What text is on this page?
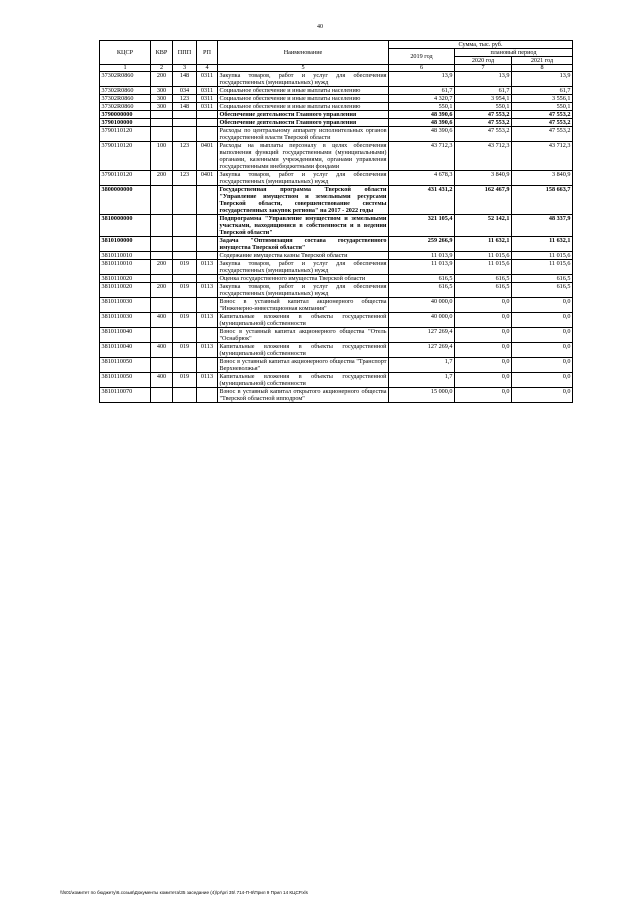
40
КЦСР	КВР	ППП	РП	Наименование	Сумма, тыс. руб.		
					2019 год	плановый период	
						2020 год	2021 год
1	2	3	4	5	6	7	8
37302R0860	200	148	0311	Закупка товаров, работ и услуг для обеспечения государственных (муниципальных) нужд	13,9	13,9	13,9
37302R0860	300	034	0311	Социальное обеспечение и иные выплаты населению	61,7	61,7	61,7
37302R0860	300	123	0311	Социальное обеспечение и иные выплаты населению	4 320,7	3 954,1	3 556,1
37302R0860	300	148	0311	Социальное обеспечение и иные выплаты населению	550,1	550,1	550,1
3790000000				Обеспечение деятельности Главного управления	48 390,6	47 553,2	47 553,2
3790100000				Обеспечение деятельности Главного управления	48 390,6	47 553,2	47 553,2
3790110120				Расходы по центральному аппарату исполнительных органов государственной власти Тверской области	48 390,6	47 553,2	47 553,2
3790110120	100	123	0401	Расходы на выплаты персоналу в целях обеспечения выполнения функций государственными (муниципальными) органами, казенными учреждениями, органами управления государственными внебюджетными фондами	43 712,3	43 712,3	43 712,3
3790110120	200	123	0401	Закупка товаров, работ и услуг для обеспечения государственных (муниципальных) нужд	4 678,3	3 840,9	3 840,9
3800000000				Государственная программа Тверской области "Управление имуществом и земельными ресурсами Тверской области, совершенствование системы государственных закупок региона" на 2017 - 2022 годы	431 431,2	162 467,9	158 663,7
3810000000				Подпрограмма "Управление имуществом и земельными участками, находящимися в собственности и в ведении Тверской области"	321 105,4	52 142,1	48 337,9
3810100000				Задача "Оптимизация состава государственного имущества Тверской области"	259 266,9	11 632,1	11 632,1
3810110010				Содержание имущества казны Тверской области	11 013,9	11 015,6	11 015,6
3810110010	200	019	0113	Закупка товаров, работ и услуг для обеспечения государственных (муниципальных) нужд	11 013,9	11 015,6	11 015,6
3810110020				Оценка государственного имущества Тверской области	616,5	616,5	616,5
3810110020	200	019	0113	Закупка товаров, работ и услуг для обеспечения государственных (муниципальных) нужд	616,5	616,5	616,5
3810110030				Взнос в уставный капитал акционерного общества "Инженерно-инвестиционная компания"	40 000,0	0,0	0,0
3810110030	400	019	0113	Капитальные вложения в объекты государственной (муниципальной) собственности	40 000,0	0,0	0,0
3810110040				Взнос в уставный капитал акционерного общества "Отель "Оснабрюк"	127 269,4	0,0	0,0
3810110040	400	019	0113	Капитальные вложения в объекты государственной (муниципальной) собственности	127 269,4	0,0	0,0
3810110050				Взнос в уставный капитал акционерного общества "Транспорт Верхневолжья"	1,7	0,0	0,0
3810110050	400	019	0113	Капитальные вложения в объекты государственной (муниципальной) собственности	1,7	0,0	0,0
3810110070				Взнос в уставный капитал открытого акционерного общества "Тверской областной ипподром"	15 000,0	0,0	0,0
\\fs01\комитет по бюджету\6.созыв\Документы комитета\35 заседание (4)\pr\pri 35\ 714-П-6\Прил 9 Прил 14 КЦСР.xls
